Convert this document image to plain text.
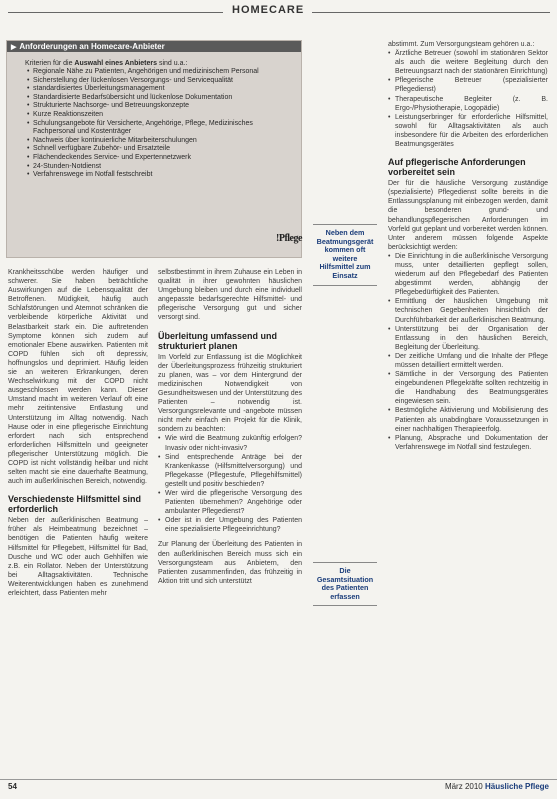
HOMECARE
▶ Anforderungen an Homecare-Anbieter
Kriterien für die Auswahl eines Anbieters sind u.a.:
• Regionale Nähe zu Patienten, Angehörigen und medizinischem Personal
• Sicherstellung der lückenlosen Versorgungs- und Servicequalität
• standardisiertes Überleitungsmanagement
• Standardisierte Bedarfsübersicht und lückenlose Dokumentation
• Strukturierte Nachsorge- und Betreuungskonzepte
• Kurze Reaktionszeiten
• Schulungsangebote für Versicherte, Angehörige, Pflege, Medizinisches Fachpersonal und Kostenträger
• Nachweis über kontinuierliche Mitarbeiterschulungen
• Schnell verfügbare Zubehör- und Ersatzteile
• Flächendeckendes Service- und Expertennetzwerk
• 24-Stunden-Notdienst
• Verfahrenswege im Notfall festschreibt
!Pflege

Krankheitsschübe werden häufiger und schwerer. Sie haben beträchtliche Auswirkungen auf die Lebensqualität der Betroffenen. Müdigkeit, häufig auch Schlafstörungen und Atemnot schränken die verbleibende körperliche Aktivität und Belastbarkeit stark ein. Die auftretenden Symptome können sich zudem auf emotionaler Ebene auswirken. Patienten mit COPD fühlen sich oft depressiv, hoffnungslos und deprimiert. Häufig leiden sie an weiteren Erkrankungen, deren Wechselwirkung mit der COPD nicht ausgeschlossen werden kann. Dieser Umstand macht im weiteren Verlauf oft eine mehr zeitintensive Entlastung und Unterstützung im Alltag notwendig. Nach Hause oder in eine pflegerische Einrichtung erfordert nach sich entsprechend erforderlichen Hilfsmitteln und geeigneter pflegerischer Unterstützung möglich. Die COPD ist nicht vollständig heilbar und nicht selten macht sie eine dauerhafte Beatmung, auch im außerklinischen Bereich, notwendig.

Verschiedenste Hilfsmittel sind erforderlich

Neben der außerklinischen Beatmung – früher als Heimbeatmung bezeichnet – benötigen die Patienten häufig weitere Hilfsmittel für Pflegebett, Hilfsmittel für Bad, Dusche und WC oder auch Gehhilfen wie z.B. ein Rollator. Neben der Unterstützung bei Alltagsaktivitäten. Technische Weiterentwicklungen haben es zunehmend erleichtert, dass Patienten mehr

selbstbestimmt in ihrem Zuhause ein Leben in qualität in ihrer gewohnten häuslichen Umgebung bleiben und durch eine individuell angepasste bedarfsgerechte Hilfsmittel- und pflegerische Versorgung gut und sicher versorgt sind.

Überleitung umfassend und strukturiert planen

Im Vorfeld zur Entlassung ist die Möglichkeit der Überleitungsprozess frühzeitig strukturiert zu planen, was – vor dem Hintergrund der medizinischen Notwendigkeit von Gesundheitswesen und der Unterstützung des Patienten – notwendig ist. Versorgungsrelevante und -angebote müssen nicht mehr einfach ein Projekt für die Klinik, sondern zu beachten:

• Wie wird die Beatmung zukünftig erfolgen? Invasiv oder nicht-invasiv?
• Sind entsprechende Anträge bei der Krankenkasse (Hilfsmittelversorgung) und Pflegekasse (Pflegestufe, Pflegehilfsmittel) gestellt und positiv beschieden?
• Wer wird die pflegerische Versorgung des Patienten übernehmen? Angehörige oder ambulanter Pflegedienst?
• Oder ist in der Umgebung des Patienten eine spezialisierte Pflegeeinrichtung?

Zur Planung der Überleitung des Patienten in den außerklinischen Bereich muss sich ein Versorgungsteam aus Anbietern, den Patienten zusammenfinden, das frühzeitig in Aktion tritt und sich unterstützt

Neben dem Beatmungsgerät kommen oft weitere Hilfsmittel zum Einsatz
Die Gesamtsituation des Patienten erfassen

abstimmt. Zum Versorgungsteam gehören u.a.:

• Ärztliche Betreuer (sowohl im stationären Sektor als auch die weitere Begleitung durch den Betreuungsarzt nach der stationären Einrichtung)
• Pflegerische Betreuer (spezialisierter Pflegedienst)
• Therapeutische Begleiter (z. B. Ergo-/Physiotherapie, Logopädie)
• Leistungserbringer für erforderliche Hilfsmittel, sowohl für Alltagsaktivitäten als auch insbesondere für die Arbeiten des erforderlichen Beatmungsgerätes
Auf pflegerische Anforderungen vorbereitet sein

Der für die häusliche Versorgung zuständige (spezialisierte) Pflegedienst sollte bereits in die Entlassungsplanung mit einbezogen werden, damit die besonderen grund- und behandlungspflegerischen Anforderungen im Vorfeld gut geplant und vorbereitet werden können. Unter anderem müssen folgende Aspekte berücksichtigt werden:

• Die Einrichtung in die außerklinische Versorgung muss, unter detaillierten gepflegt sollen, wiederum auf den Pflegebedarf des Patienten abgestimmt werden, abhängig der Pflegebedürftigkeit des Patienten.
• Ermittlung der häuslichen Umgebung mit technischen Gegebenheiten hinsichtlich der Durchführbarkeit der außerklinischen Beatmung.
• Unterstützung bei der Organisation der Entlassung in den häuslichen Bereich, Begleitung der Überleitung.
• Der zeitliche Umfang und die Inhalte der Pflege müssen detailliert ermittelt werden.
• Sämtliche in der Versorgung des Patienten eingebundenen Pflegekräfte sollten rechtzeitig in die Handhabung des Beatmungsgerätes eingewiesen sein.
• Bestmögliche Aktivierung und Mobilisierung des Patienten als unabdingbare Voraussetzungen in einer nachhaltigen Therapieerfolg.
• Planung, Absprache und Dokumentation der Verfahrenswege im Notfall sind festzulegen.
54	März 2010 Häusliche Pflege
